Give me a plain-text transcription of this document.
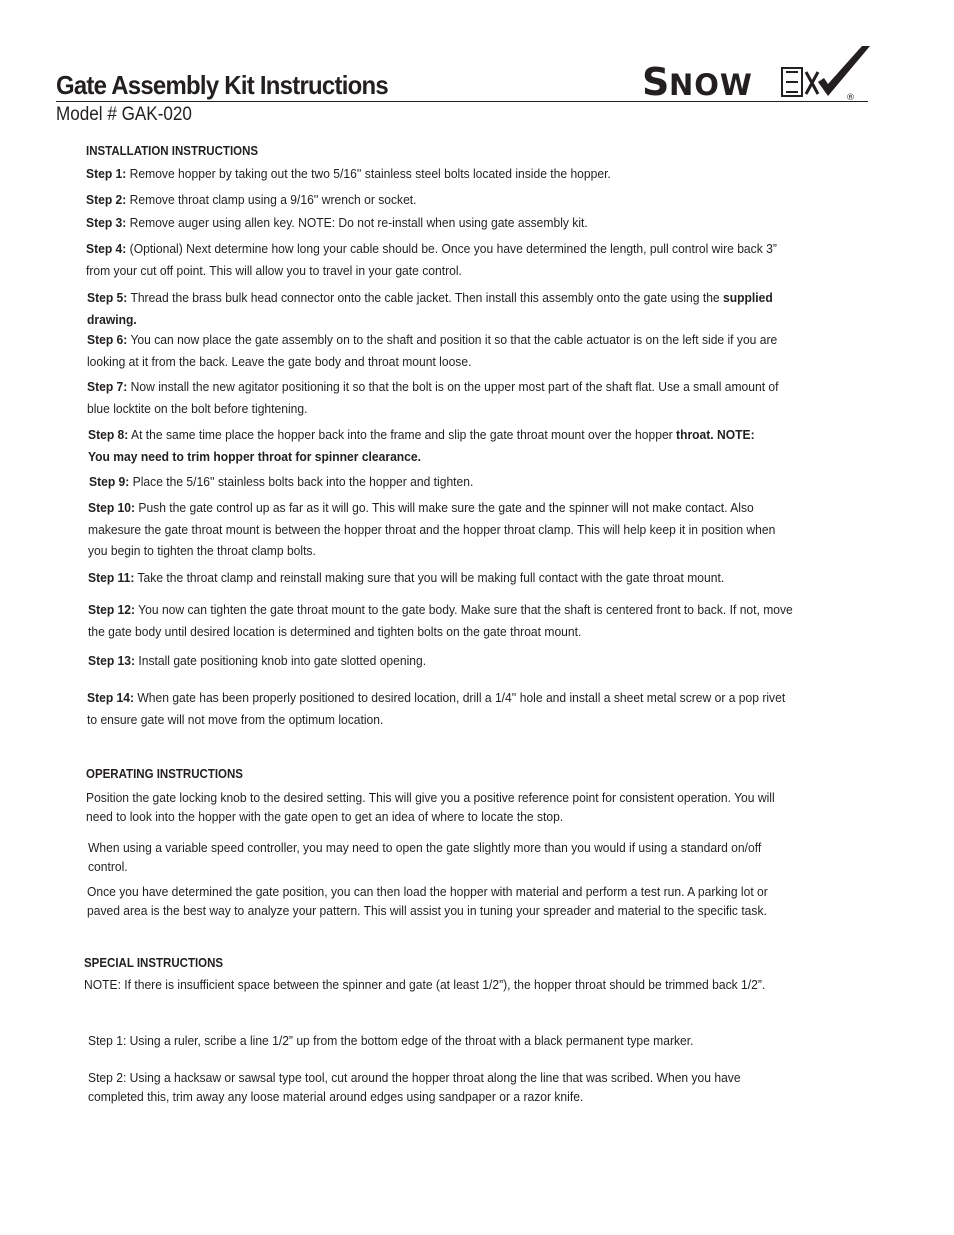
Gate Assembly Kit Instructions
Model # GAK-020
S NOW	®
INSTALLATION INSTRUCTIONS
Step 1: Remove hopper by taking out the two 5/16'' stainless steel bolts located inside the hopper.
Step 2: Remove throat clamp using a 9/16'' wrench or socket.
Step 3: Remove auger using allen key. NOTE: Do not re-install when using gate assembly kit.
Step 4: (Optional) Next determine how long your cable should be. Once you have determined the length, pull control wire back 3” from your cut off point. This will allow you to travel in your gate control.
Step 5: Thread the brass bulk head connector onto the cable jacket. Then install this assembly onto the gate using the supplied drawing.
Step 6: You can now place the gate assembly on to the shaft and position it so that the cable actuator is on the left side if you are looking at it from the back. Leave the gate body and throat mount loose.
Step 7: Now install the new agitator positioning it so that the bolt is on the upper most part of the shaft flat. Use a small amount of blue locktite on the bolt before tightening.
Step 8: At the same time place the hopper back into the frame and slip the gate throat mount over the hopper throat. NOTE: You may need to trim hopper throat for spinner clearance.
Step 9: Place the 5/16'' stainless bolts back into the hopper and tighten.
Step 10: Push the gate control up as far as it will go. This will make sure the gate and the spinner will not make contact. Also makesure the gate throat mount is between the hopper throat and the hopper throat clamp. This will help keep it in position when you begin to tighten the throat clamp bolts.
Step 11: Take the throat clamp and reinstall making sure that you will be making full contact with the gate throat mount.
Step 12: You now can tighten the gate throat mount to the gate body. Make sure that the shaft is centered front to back. If not, move the gate body until desired location is determined and tighten bolts on the gate throat mount.
Step 13: Install gate positioning knob into gate slotted opening.
Step 14: When gate has been properly positioned to desired location, drill a 1/4'' hole and install a sheet metal screw or a pop rivet to ensure gate will not move from the optimum location.
OPERATING INSTRUCTIONS
Position the gate locking knob to the desired setting. This will give you a positive reference point for consistent operation. You will need to look into the hopper with the gate open to get an idea of where to locate the stop.
When using a variable speed controller, you may need to open the gate slightly more than you would if using a standard on/off control.
Once you have determined the gate position, you can then load the hopper with material and perform a test run. A parking lot or paved area is the best way to analyze your pattern. This will assist you in tuning your spreader and material to the specific task.
SPECIAL INSTRUCTIONS
NOTE: If there is insufficient space between the spinner and gate (at least 1/2”), the hopper throat should be trimmed back 1/2”.
Step 1: Using a ruler, scribe a line 1/2” up from the bottom edge of the throat with a black permanent type marker.
Step 2: Using a hacksaw or sawsal type tool, cut around the hopper throat along the line that was scribed. When you have completed this, trim away any loose material around edges using sandpaper or a razor knife.
